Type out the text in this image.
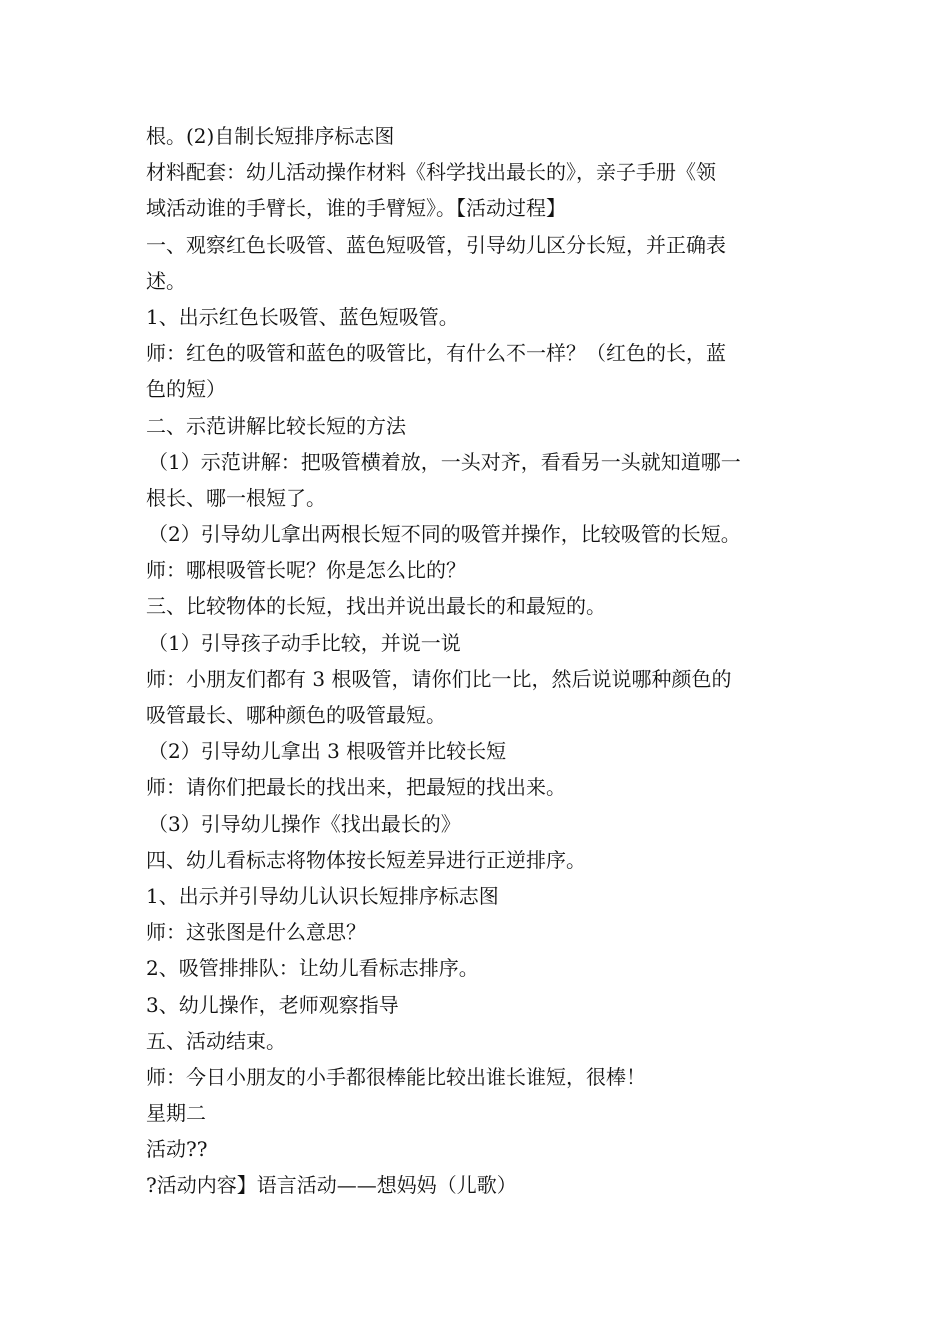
根。(2)自制长短排序标志图
材料配套：幼儿活动操作材料《科学找出最长的》，亲子手册《领
域活动谁的手臂长，谁的手臂短》。【活动过程】
一、观察红色长吸管、蓝色短吸管，引导幼儿区分长短，并正确表
述。
1、出示红色长吸管、蓝色短吸管。
师：红色的吸管和蓝色的吸管比，有什么不一样？（红色的长，蓝
色的短）
二、示范讲解比较长短的方法
（1）示范讲解：把吸管横着放，一头对齐，看看另一头就知道哪一
根长、哪一根短了。
（2）引导幼儿拿出两根长短不同的吸管并操作，比较吸管的长短。
师：哪根吸管长呢？你是怎么比的？
三、比较物体的长短，找出并说出最长的和最短的。
（1）引导孩子动手比较，并说一说
师：小朋友们都有 3 根吸管，请你们比一比，然后说说哪种颜色的
吸管最长、哪种颜色的吸管最短。
（2）引导幼儿拿出 3 根吸管并比较长短
师：请你们把最长的找出来，把最短的找出来。
（3）引导幼儿操作《找出最长的》
四、幼儿看标志将物体按长短差异进行正逆排序。
1、出示并引导幼儿认识长短排序标志图
师：这张图是什么意思？
2、吸管排排队：让幼儿看标志排序。
3、幼儿操作，老师观察指导
五、活动结束。
师：今日小朋友的小手都很棒能比较出谁长谁短，很棒！
星期二
活动??
?活动内容】语言活动——想妈妈（儿歌）
